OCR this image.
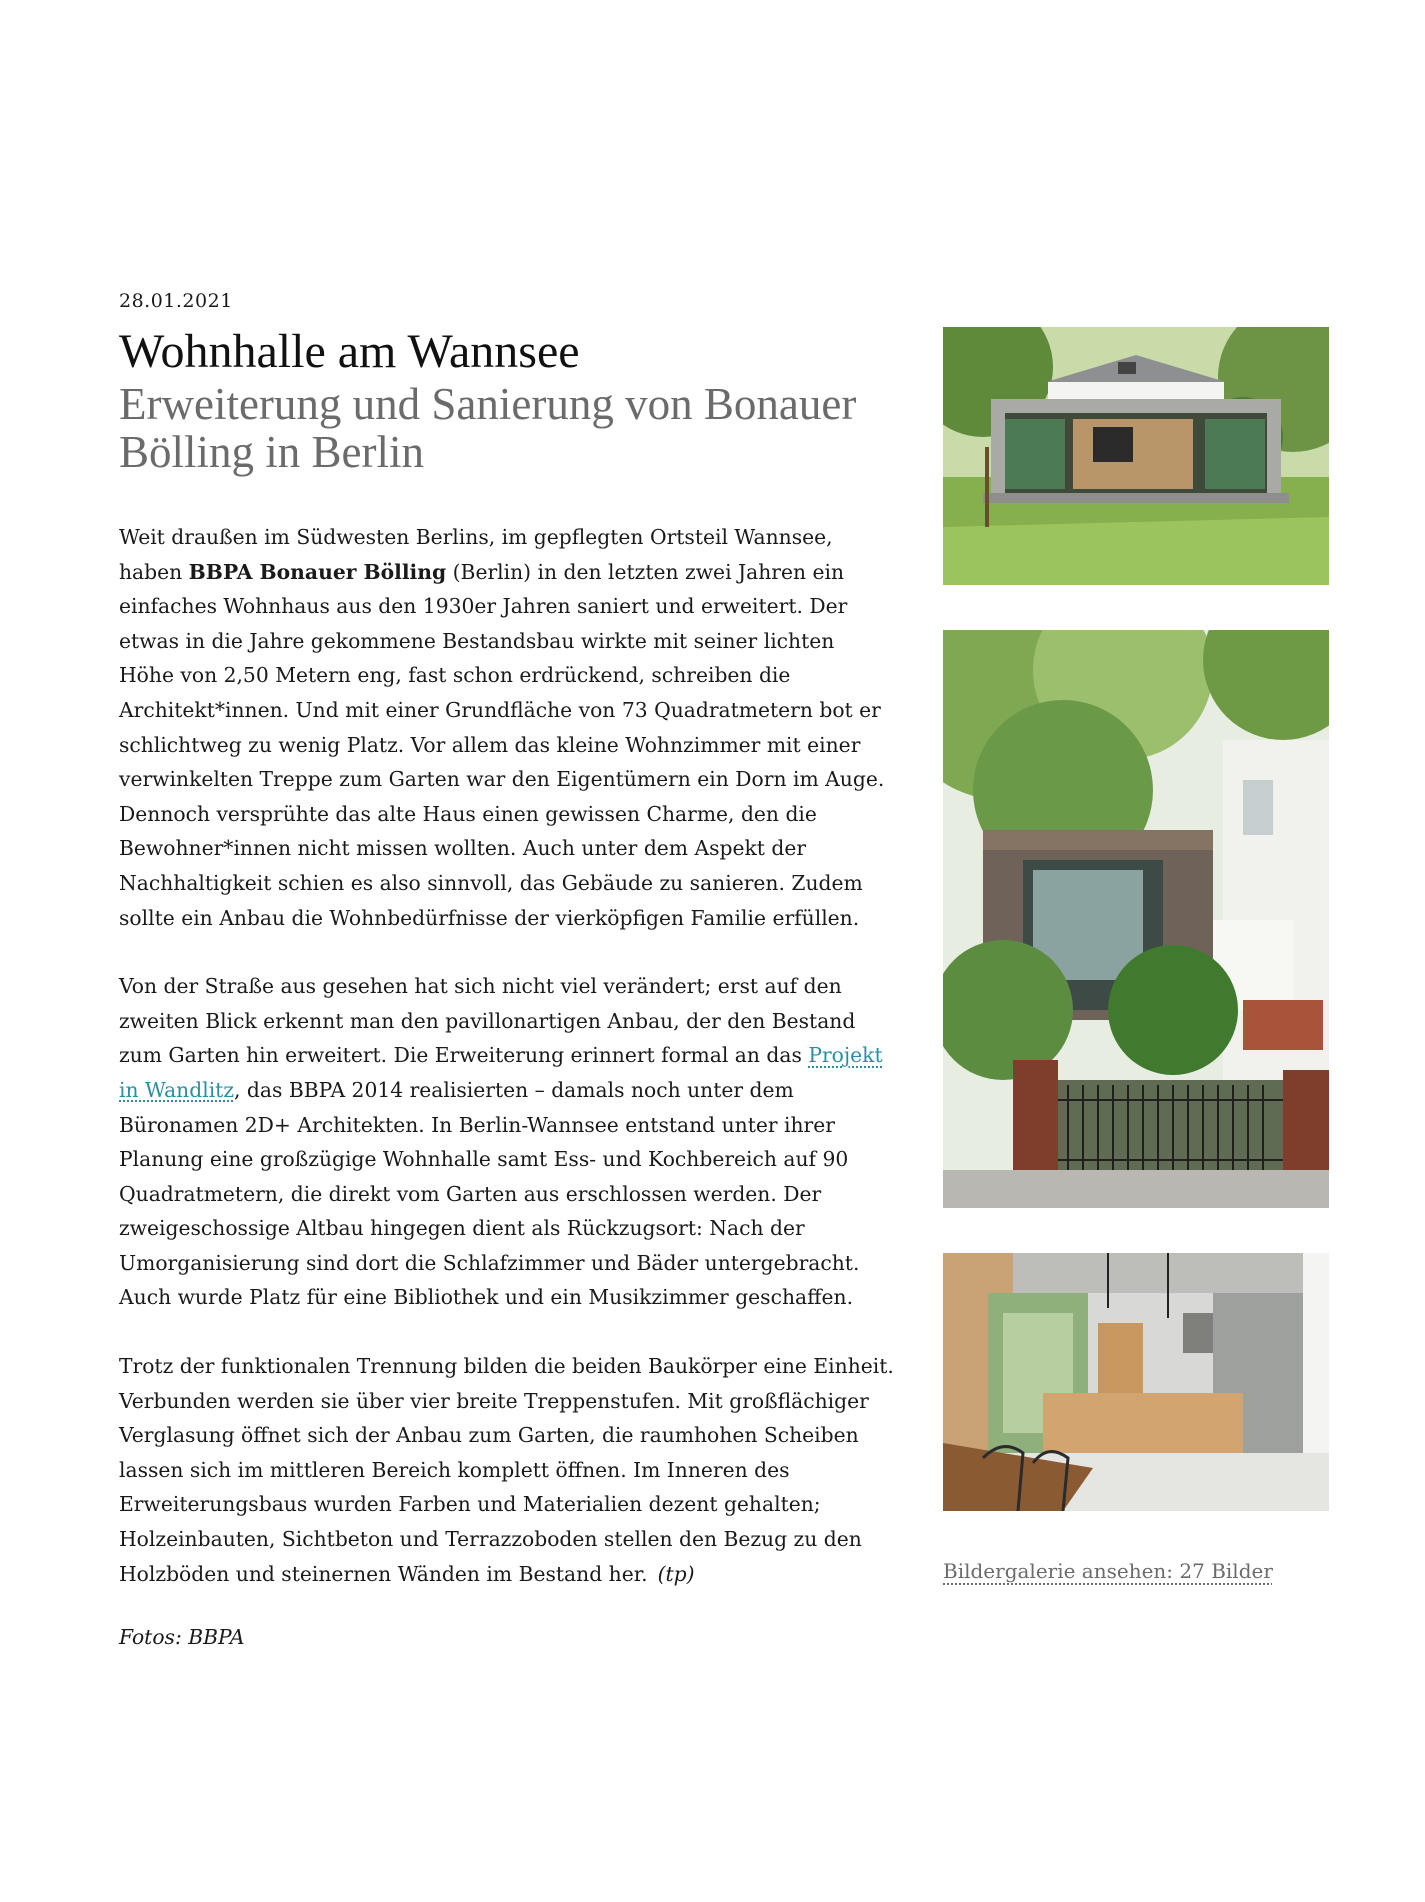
28.01.2021

Wohnhalle am Wannsee
Erweiterung und Sanierung von Bonauer Bölling in Berlin

Weit draußen im Südwesten Berlins, im gepflegten Ortsteil Wannsee, haben BBPA Bonauer Bölling (Berlin) in den letzten zwei Jahren ein einfaches Wohnhaus aus den 1930er Jahren saniert und erweitert. Der etwas in die Jahre gekommene Bestandsbau wirkte mit seiner lichten Höhe von 2,50 Metern eng, fast schon erdrückend, schreiben die Architekt*innen. Und mit einer Grundfläche von 73 Quadratmetern bot er schlichtweg zu wenig Platz. Vor allem das kleine Wohnzimmer mit einer verwinkelten Treppe zum Garten war den Eigentümern ein Dorn im Auge. Dennoch versprühte das alte Haus einen gewissen Charme, den die Bewohner*innen nicht missen wollten. Auch unter dem Aspekt der Nachhaltigkeit schien es also sinnvoll, das Gebäude zu sanieren. Zudem sollte ein Anbau die Wohnbedürfnisse der vierköpfigen Familie erfüllen.

Von der Straße aus gesehen hat sich nicht viel verändert; erst auf den zweiten Blick erkennt man den pavillonartigen Anbau, der den Bestand zum Garten hin erweitert. Die Erweiterung erinnert formal an das Projekt in Wandlitz, das BBPA 2014 realisierten – damals noch unter dem Büronamen 2D+ Architekten. In Berlin-Wannsee entstand unter ihrer Planung eine großzügige Wohnhalle samt Ess- und Kochbereich auf 90 Quadratmetern, die direkt vom Garten aus erschlossen werden. Der zweigeschossige Altbau hingegen dient als Rückzugsort: Nach der Umorganisierung sind dort die Schlafzimmer und Bäder untergebracht. Auch wurde Platz für eine Bibliothek und ein Musikzimmer geschaffen.

Trotz der funktionalen Trennung bilden die beiden Baukörper eine Einheit. Verbunden werden sie über vier breite Treppenstufen. Mit großflächiger Verglasung öffnet sich der Anbau zum Garten, die raumhohen Scheiben lassen sich im mittleren Bereich komplett öffnen. Im Inneren des Erweiterungsbaus wurden Farben und Materialien dezent gehalten; Holzeinbauten, Sichtbeton und Terrazzoboden stellen den Bezug zu den Holzböden und steinernen Wänden im Bestand her. (tp)

Fotos: BBPA

Bildergalerie ansehen: 27 Bilder
